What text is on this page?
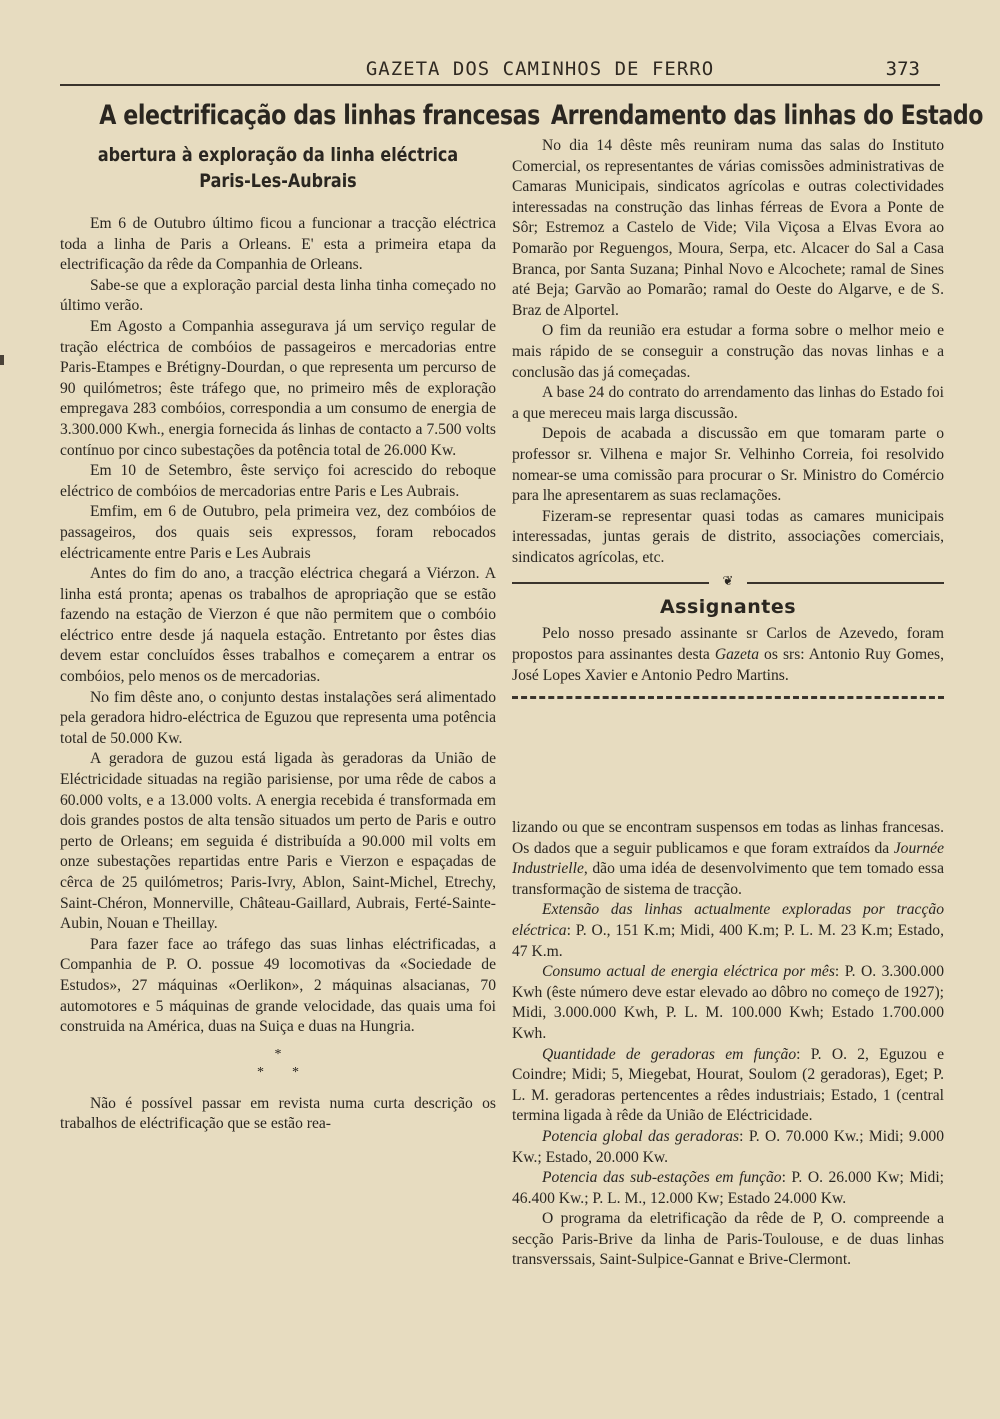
GAZETA DOS CAMINHOS DE FERRO	373
A electrificação das linhas francesas
abertura à exploração da linha eléctrica
Paris-Les-Aubrais

Em 6 de Outubro último ficou a funcionar a tracção eléctrica toda a linha de Paris a Orleans. E' esta a primeira etapa da electrificação da rêde da Companhia de Orleans.

Sabe-se que a exploração parcial desta linha tinha começado no último verão.

Em Agosto a Companhia assegurava já um serviço regular de tração eléctrica de combóios de passageiros e mercadorias entre Paris-Etampes e Brétigny-Dourdan, o que representa um percurso de 90 quilómetros; êste tráfego que, no primeiro mês de exploração empregava 283 combóios, correspondia a um consumo de energia de 3.300.000 Kwh., energia fornecida ás linhas de contacto a 7.500 volts contínuo por cinco subestações da potência total de 26.000 Kw.

Em 10 de Setembro, êste serviço foi acrescido do reboque eléctrico de combóios de mercadorias entre Paris e Les Aubrais.

Emfim, em 6 de Outubro, pela primeira vez, dez combóios de passageiros, dos quais seis expressos, foram rebocados eléctricamente entre Paris e Les Aubrais

Antes do fim do ano, a tracção eléctrica chegará a Viérzon. A linha está pronta; apenas os trabalhos de apropriação que se estão fazendo na estação de Vierzon é que não permitem que o combóio eléctrico entre desde já naquela estação. Entretanto por êstes dias devem estar concluídos êsses trabalhos e começarem a entrar os combóios, pelo menos os de mercadorias.

No fim dêste ano, o conjunto destas instalações será alimentado pela geradora hidro-eléctrica de Eguzou que representa uma potência total de 50.000 Kw.

A geradora de guzou está ligada às geradoras da União de Eléctricidade situadas na região parisiense, por uma rêde de cabos a 60.000 volts, e a 13.000 volts. A energia recebida é transformada em dois grandes postos de alta tensão situados um perto de Paris e outro perto de Orleans; em seguida é distribuída a 90.000 mil volts em onze subestações repartidas entre Paris e Vierzon e espaçadas de cêrca de 25 quilómetros; Paris-Ivry, Ablon, Saint-Michel, Etrechy, Saint-Chéron, Monnerville, Château-Gaillard, Aubrais, Ferté-Sainte-Aubin, Nouan e Theillay.

Para fazer face ao tráfego das suas linhas eléctrificadas, a Companhia de P. O. possue 49 locomotivas da «Sociedade de Estudos», 27 máquinas «Oerlikon», 2 máquinas alsacianas, 70 automotores e 5 máquinas de grande velocidade, das quais uma foi construida na América, duas na Suiça e duas na Hungria.

*
* *

Não é possível passar em revista numa curta descrição os trabalhos de eléctrificação que se estão rea-

Arrendamento das linhas do Estado

No dia 14 dêste mês reuniram numa das salas do Instituto Comercial, os representantes de várias comissões administrativas de Camaras Municipais, sindicatos agrícolas e outras colectividades interessadas na construção das linhas férreas de Evora a Ponte de Sôr; Estremoz a Castelo de Vide; Vila Viçosa a Elvas Evora ao Pomarão por Reguengos, Moura, Serpa, etc. Alcacer do Sal a Casa Branca, por Santa Suzana; Pinhal Novo e Alcochete; ramal de Sines até Beja; Garvão ao Pomarão; ramal do Oeste do Algarve, e de S. Braz de Alportel.

O fim da reunião era estudar a forma sobre o melhor meio e mais rápido de se conseguir a construção das novas linhas e a conclusão das já começadas.

A base 24 do contrato do arrendamento das linhas do Estado foi a que mereceu mais larga discussão.

Depois de acabada a discussão em que tomaram parte o professor sr. Vilhena e major Sr. Velhinho Correia, foi resolvido nomear-se uma comissão para procurar o Sr. Ministro do Comércio para lhe apresentarem as suas reclamações.

Fizeram-se representar quasi todas as camares municipais interessadas, juntas gerais de distrito, associações comerciais, sindicatos agrícolas, etc.

❦
Assignantes

Pelo nosso presado assinante sr Carlos de Azevedo, foram propostos para assinantes desta Gazeta os srs: Antonio Ruy Gomes, José Lopes Xavier e Antonio Pedro Martins.

lizando ou que se encontram suspensos em todas as linhas francesas. Os dados que a seguir publicamos e que foram extraídos da Journée Industrielle, dão uma idéa de desenvolvimento que tem tomado essa transformação de sistema de tracção.

Extensão das linhas actualmente exploradas por tracção eléctrica: P. O., 151 K.m; Midi, 400 K.m; P. L. M. 23 K.m; Estado, 47 K.m.

Consumo actual de energia eléctrica por mês: P. O. 3.300.000 Kwh (êste número deve estar elevado ao dôbro no começo de 1927); Midi, 3.000.000 Kwh, P. L. M. 100.000 Kwh; Estado 1.700.000 Kwh.

Quantidade de geradoras em função: P. O. 2, Eguzou e Coindre; Midi; 5, Miegebat, Hourat, Soulom (2 geradoras), Eget; P. L. M. geradoras pertencentes a rêdes industriais; Estado, 1 (central termina ligada à rêde da União de Eléctricidade.

Potencia global das geradoras: P. O. 70.000 Kw.; Midi; 9.000 Kw.; Estado, 20.000 Kw.

Potencia das sub-estações em função: P. O. 26.000 Kw; Midi; 46.400 Kw.; P. L. M., 12.000 Kw; Estado 24.000 Kw.

O programa da eletrificação da rêde de P, O. compreende a secção Paris-Brive da linha de Paris-Toulouse, e de duas linhas transverssais, Saint-Sulpice-Gannat e Brive-Clermont.
